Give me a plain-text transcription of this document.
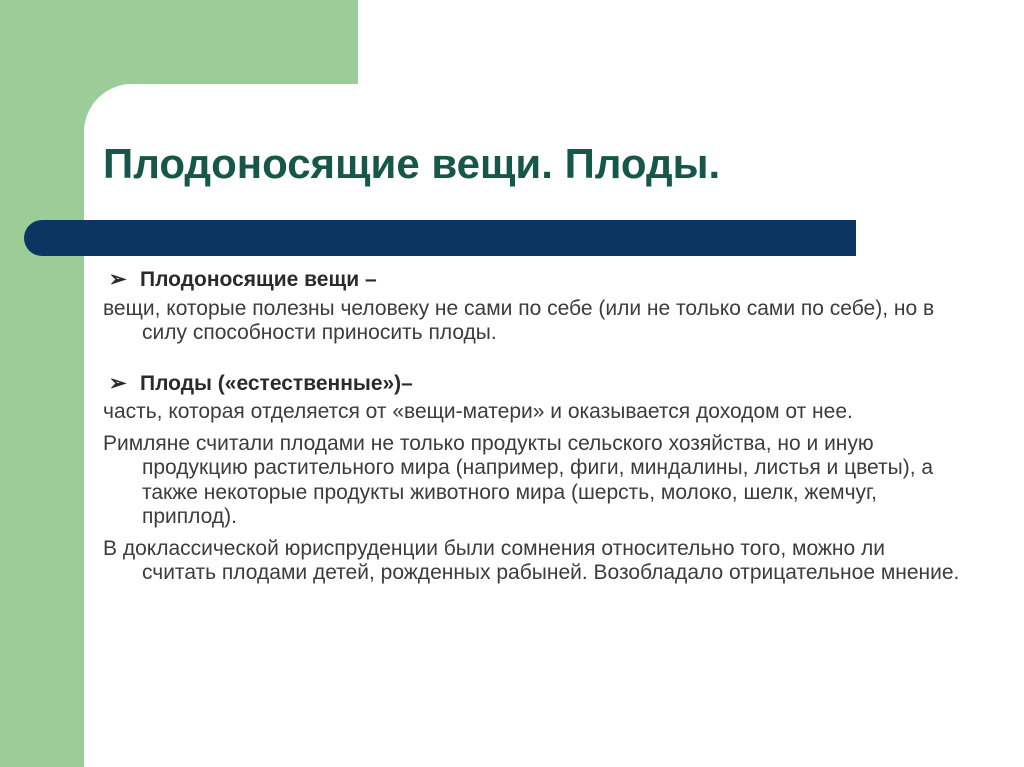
Плодоносящие вещи. Плоды.

➢ Плодоносящие вещи –

вещи, которые полезны человеку не сами по себе (или не только сами по себе), но в силу способности приносить плоды.

➢ Плоды («естественные»)–

часть, которая отделяется от «вещи-матери» и оказывается доходом от нее.

Римляне считали плодами не только продукты сельского хозяйства, но и иную продукцию растительного мира (например, фиги, миндалины, листья и цветы), а также некоторые продукты животного мира (шерсть, молоко, шелк, жемчуг, приплод).

В доклассической юриспруденции были сомнения относительно того, можно ли считать плодами детей, рожденных рабыней. Возобладало отрицательное мнение.
